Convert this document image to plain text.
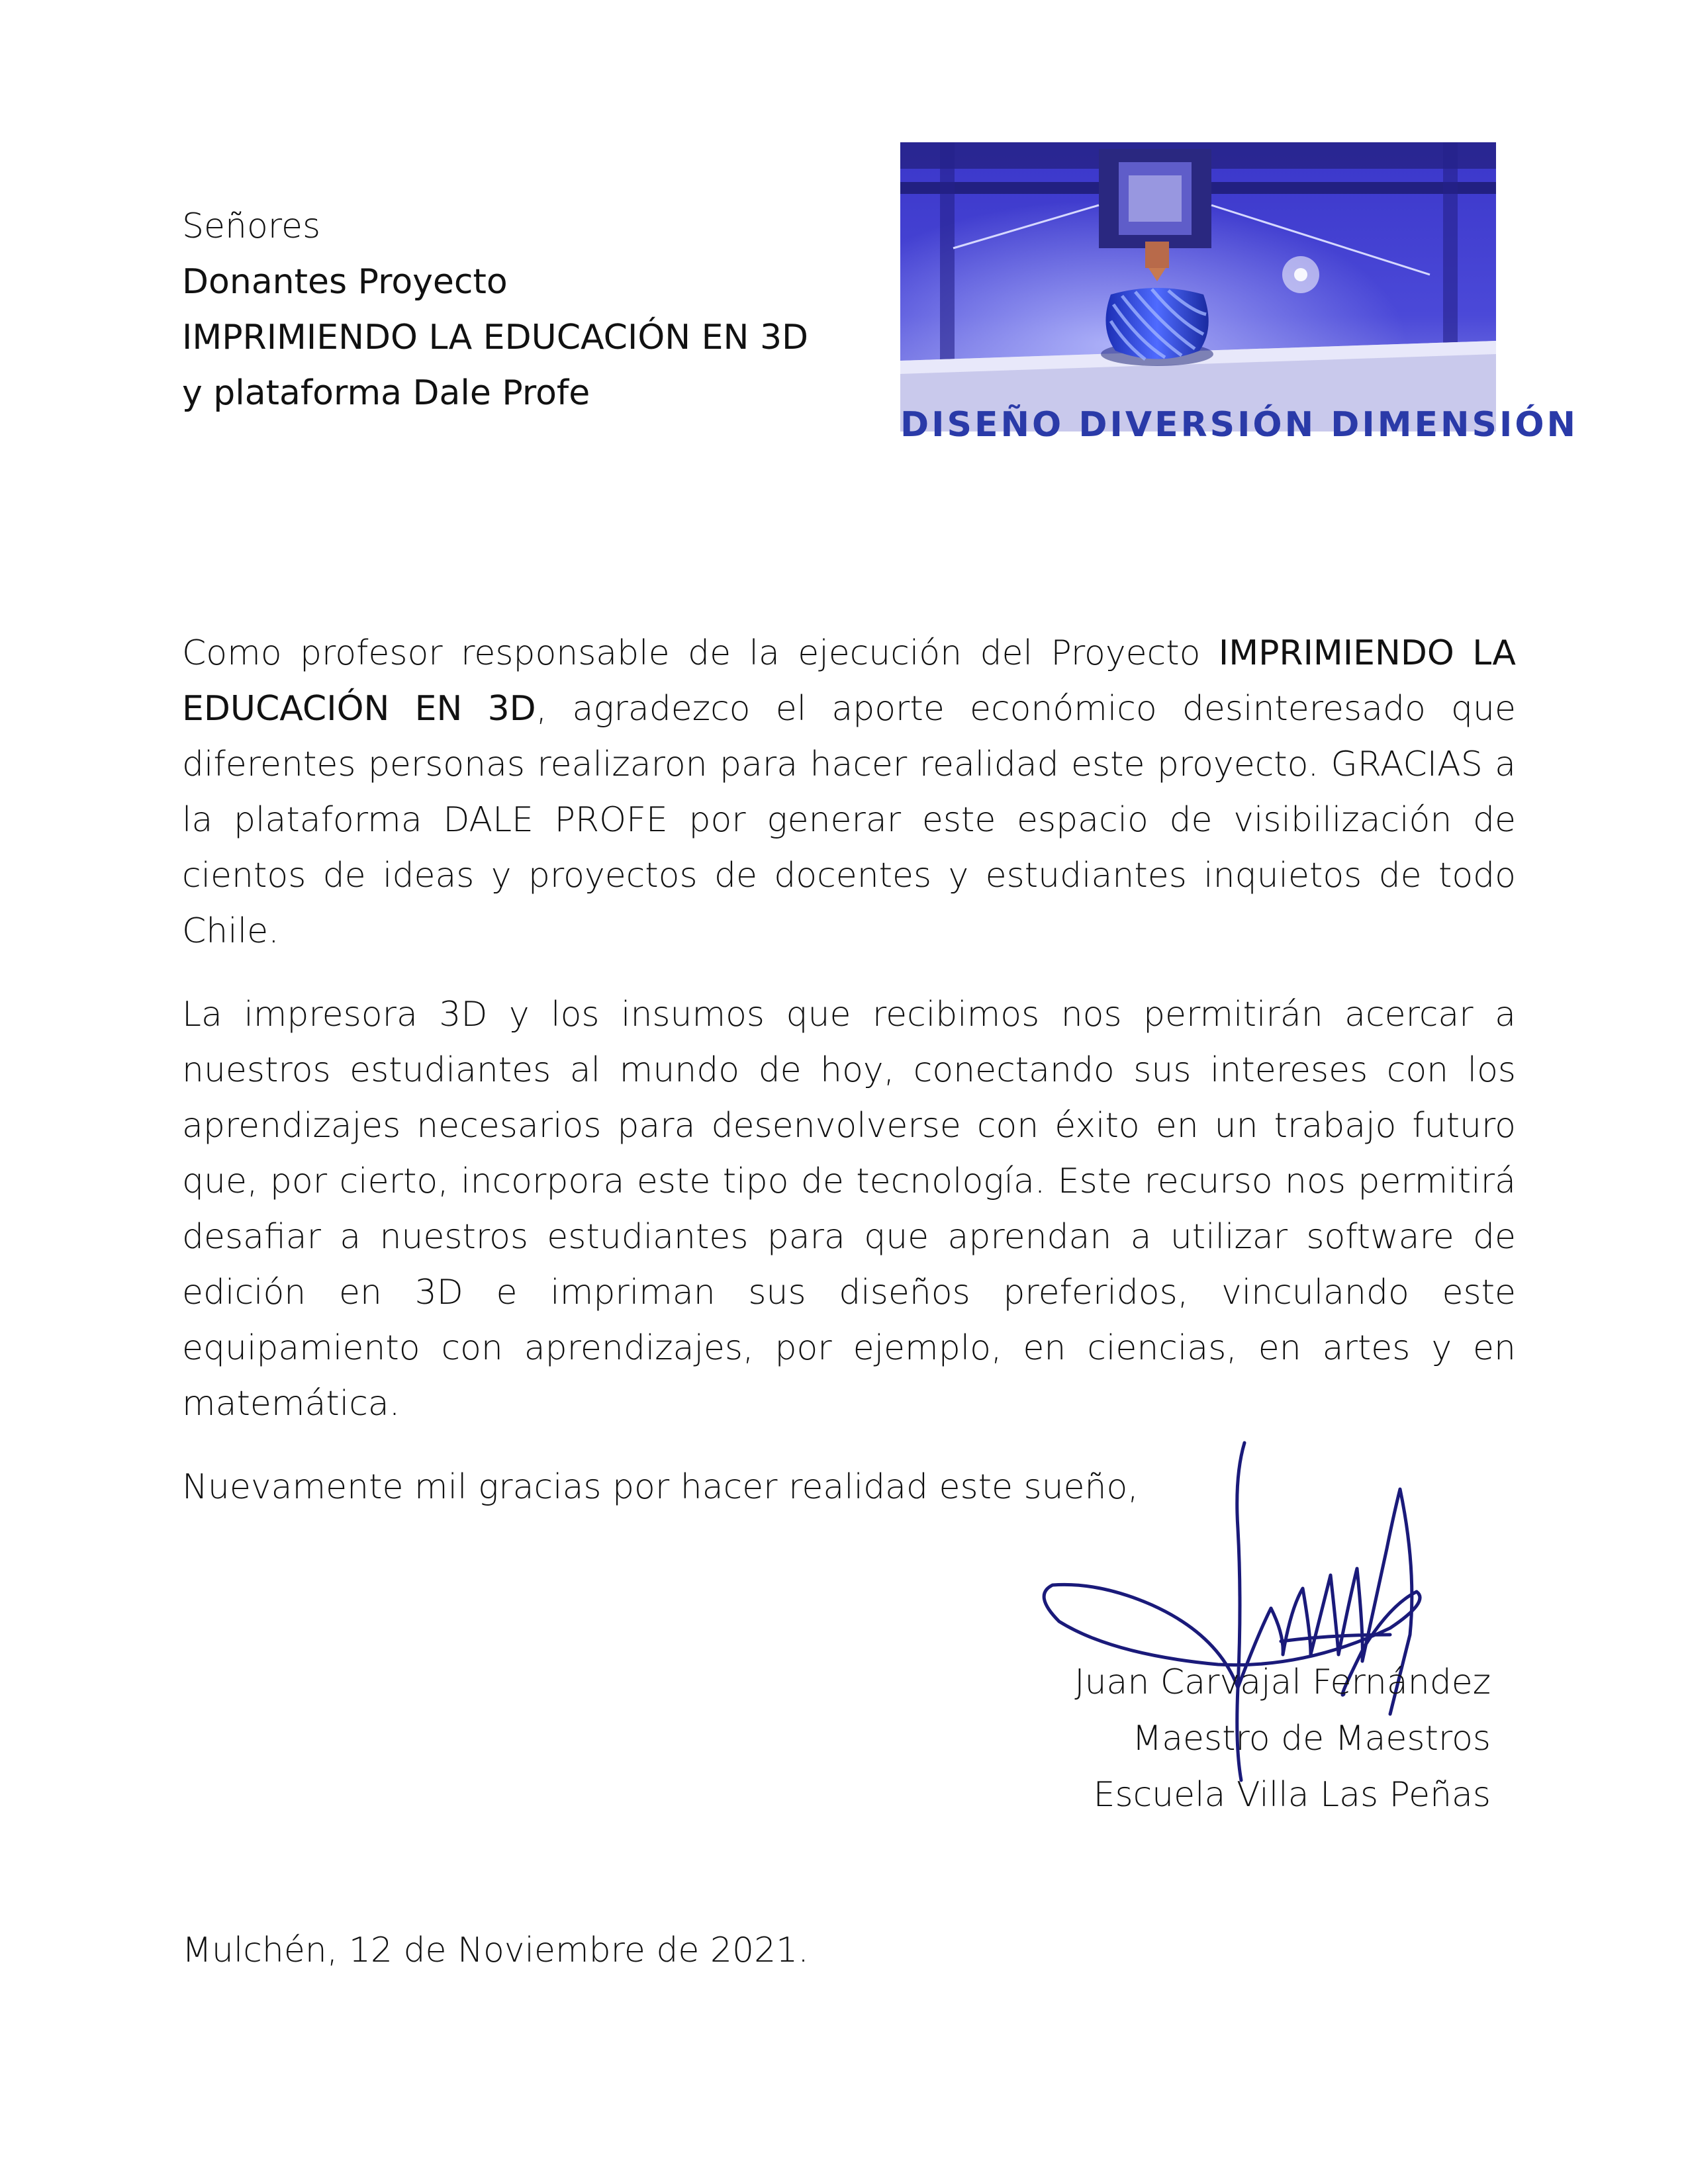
Señores
Donantes Proyecto
IMPRIMIENDO LA EDUCACIÓN EN 3D
y plataforma Dale Profe
DISEÑO DIVERSIÓN DIMENSIÓN

Como profesor responsable de la ejecución del Proyecto IMPRIMIENDO LA EDUCACIÓN EN 3D, agradezco el aporte económico desinteresado que diferentes personas realizaron para hacer realidad este proyecto. GRACIAS a la plataforma DALE PROFE por generar este espacio de visibilización de cientos de ideas y proyectos de docentes y estudiantes inquietos de todo Chile.

La impresora 3D y los insumos que recibimos nos permitirán acercar a nuestros estudiantes al mundo de hoy, conectando sus intereses con los aprendizajes necesarios para desenvolverse con éxito en un trabajo futuro que, por cierto, incorpora este tipo de tecnología. Este recurso nos permitirá desafiar a nuestros estudiantes para que aprendan a utilizar software de edición en 3D e impriman sus diseños preferidos, vinculando este equipamiento con aprendizajes, por ejemplo, en ciencias, en artes y en matemática.

Nuevamente mil gracias por hacer realidad este sueño,

Juan Carvajal Fernández
Maestro de Maestros
Escuela Villa Las Peñas
Mulchén, 12 de Noviembre de 2021.
